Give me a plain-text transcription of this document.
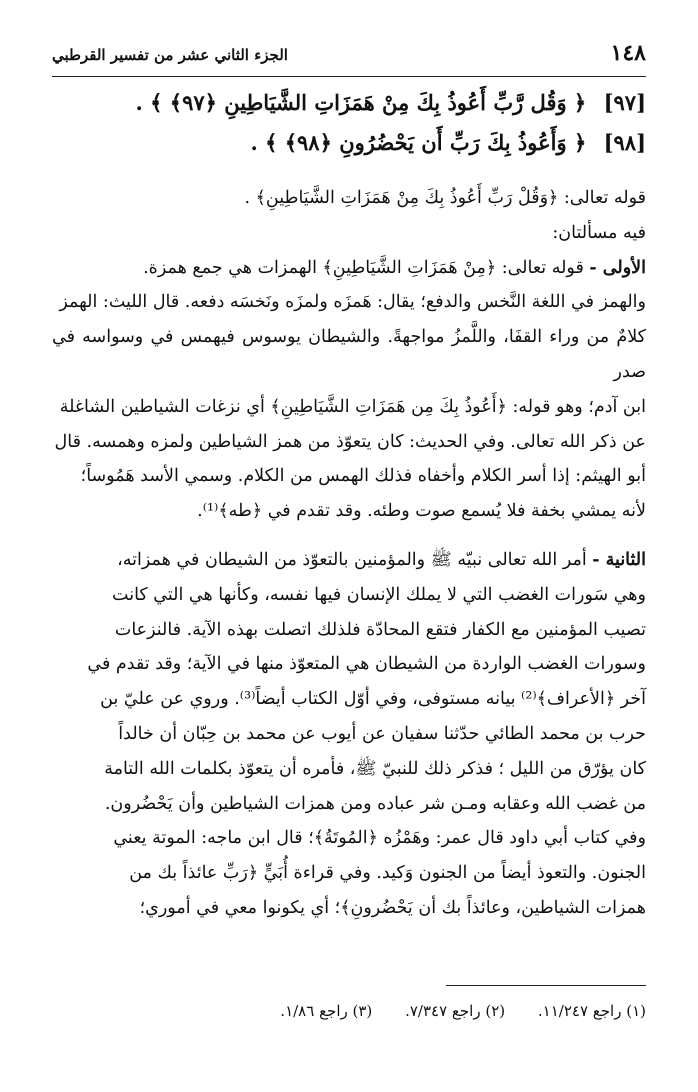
١٤٨
الجزء الثاني عشر من تفسير القرطبي
[٩٧] ﴿ وَقُل رَّبِّ أَعُوذُ بِكَ مِنْ هَمَزَاتِ الشَّيَاطِينِ ﴿٩٧﴾ ﴾ .
[٩٨] ﴿ وَأَعُوذُ بِكَ رَبِّ أَن يَحْضُرُونِ ﴿٩٨﴾ ﴾ .
قوله تعالى: ﴿وَقُلْ رَبِّ أَعُوذُ بِكَ مِنْ هَمَزَاتِ الشَّيَاطِينِ﴾ .
فيه مسألتان:
الأولى - قوله تعالى: ﴿مِنْ هَمَزَاتِ الشَّيَاطِينِ﴾ الهمزات هي جمع همزة.
والهمز في اللغة النَّخس والدفع؛ يقال: هَمزَه ولمزَه ونَخسَه دفعه. قال الليث: الهمز
كلامٌ من وراء القفَا، واللَّمزُ مواجهةً. والشيطان يوسوس فيهمس في وسواسه في صدر
ابن آدم؛ وهو قوله: ﴿أَعُوذُ بِكَ مِن هَمَزَاتِ الشَّيَاطِينِ﴾ أي نزغات الشياطين الشاغلة
عن ذكر الله تعالى. وفي الحديث: كان يتعوّذ من همز الشياطين ولمزه وهمسه. قال
أبو الهيثم: إذا أسر الكلام وأخفاه فذلك الهمس من الكلام. وسمي الأسد هَمُوساً؛
لأنه يمشي بخفة فلا يُسمع صوت وطئه. وقد تقدم في ﴿طه﴾⁽¹⁾.
الثانية - أمر الله تعالى نبيّه ﷺ والمؤمنين بالتعوّذ من الشيطان في همزاته،
وهي سَورات الغضب التي لا يملك الإنسان فيها نفسه، وكأنها هي التي كانت
تصيب المؤمنين مع الكفار فتقع المحادّة فلذلك اتصلت بهذه الآية. فالنزعات
وسورات الغضب الواردة من الشيطان هي المتعوّذ منها في الآية؛ وقد تقدم في
آخر ﴿الأعراف﴾⁽²⁾ بيانه مستوفى، وفي أوّل الكتاب أيضاً⁽³⁾. وروي عن عليّ بن
حرب بن محمد الطائي حدّثنا سفيان عن أيوب عن محمد بن حِبّان أن خالداً
كان يؤرّق من الليل ؛ فذكر ذلك للنبيّ ﷺ، فأمره أن يتعوّذ بكلمات الله التامة
من غضب الله وعقابه ومـن شر عباده ومن همزات الشياطين وأن يَحْضُرون.
وفي كتاب أبي داود قال عمر: وهَمْزُه ﴿المُوتَةُ﴾؛ قال ابن ماجه: الموتة يعني
الجنون. والتعوذ أيضاً من الجنون وَكيد. وفي قراءة أُبَيٍّ ﴿رَبِّ عائذاً بك من
همزات الشياطين، وعائذاً بك أن يَحْضُرونِ﴾؛ أي يكونوا معي في أموري؛
(١) راجع ١١/٢٤٧. (٢) راجع ٧/٣٤٧. (٣) راجع ١/٨٦.
